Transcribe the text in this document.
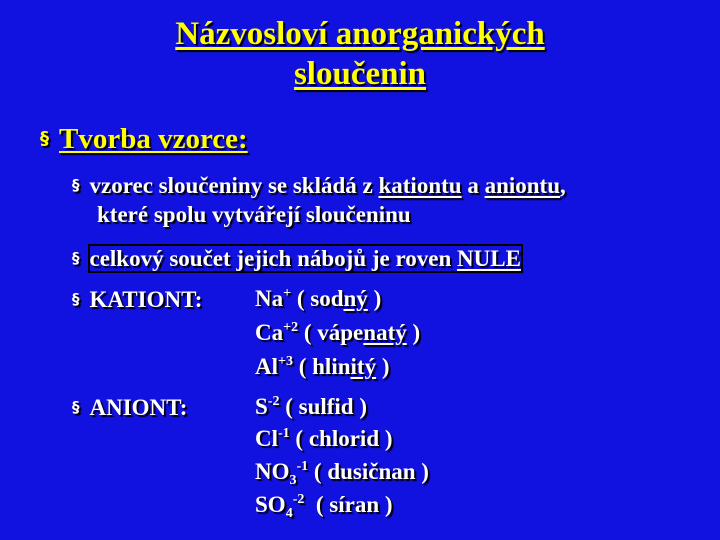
Názvosloví anorganických
sloučenin
§ Tvorba vzorce:
§ vzorec sloučeniny se skládá z kationtu a aniontu,
které spolu vytvářejí sloučeninu
§ celkový součet jejich nábojů je roven NULE
§ KATIONT: Na+ ( sodný )
$Ca^{+2}$ ( vápenatý )
$Al^{+3}$ ( hlinitý )
§ ANIONT:	$S^{-2}$ ( sulfid )
$Cl^{-1}$ ( chlorid )
$NO_3^{-1}$ ( dusičnan )
$SO_4^{-2}$  ( síran )
